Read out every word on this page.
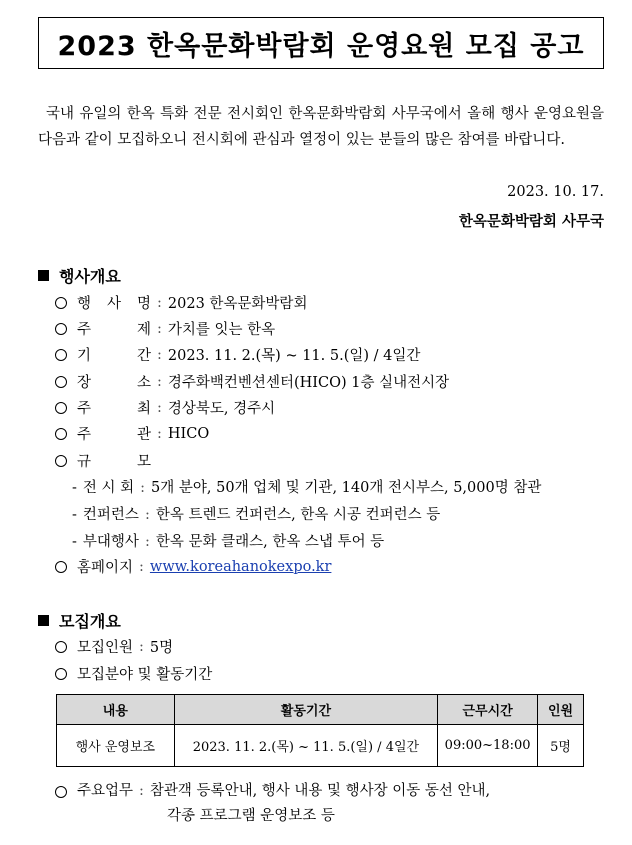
2023 한옥문화박람회 운영요원 모집 공고

국내 유일의 한옥 특화 전문 전시회인 한옥문화박람회 사무국에서 올해 행사 운영요원을 다음과 같이 모집하오니 전시회에 관심과 열정이 있는 분들의 많은 참여를 바랍니다.

2023. 10. 17.
한옥문화박람회 사무국
행사개요
행 사 명 : 2023 한옥문화박람회
주	제 : 가치를 잇는 한옥
기	간 : 2023. 11. 2.(목) ~ 11. 5.(일) / 4일간
장	소 : 경주화백컨벤션센터(HICO) 1층 실내전시장
주	최 : 경상북도, 경주시
주	관 : HICO
규	모
- 전 시 회 : 5개 분야, 50개 업체 및 기관, 140개 전시부스, 5,000명 참관
- 컨퍼런스 : 한옥 트렌드 컨퍼런스, 한옥 시공 컨퍼런스 등
- 부대행사 : 한옥 문화 클래스, 한옥 스냅 투어 등
홈페이지 : www.koreahanokexpo.kr
모집개요
모집인원 : 5명
모집분야 및 활동기간
내용	활동기간	근무시간	인원
행사 운영보조	2023. 11. 2.(목) ~ 11. 5.(일) / 4일간	09:00~18:00	5명
주요업무 : 참관객 등록안내, 행사 내용 및 행사장 이동 동선 안내,
각종 프로그램 운영보조 등
